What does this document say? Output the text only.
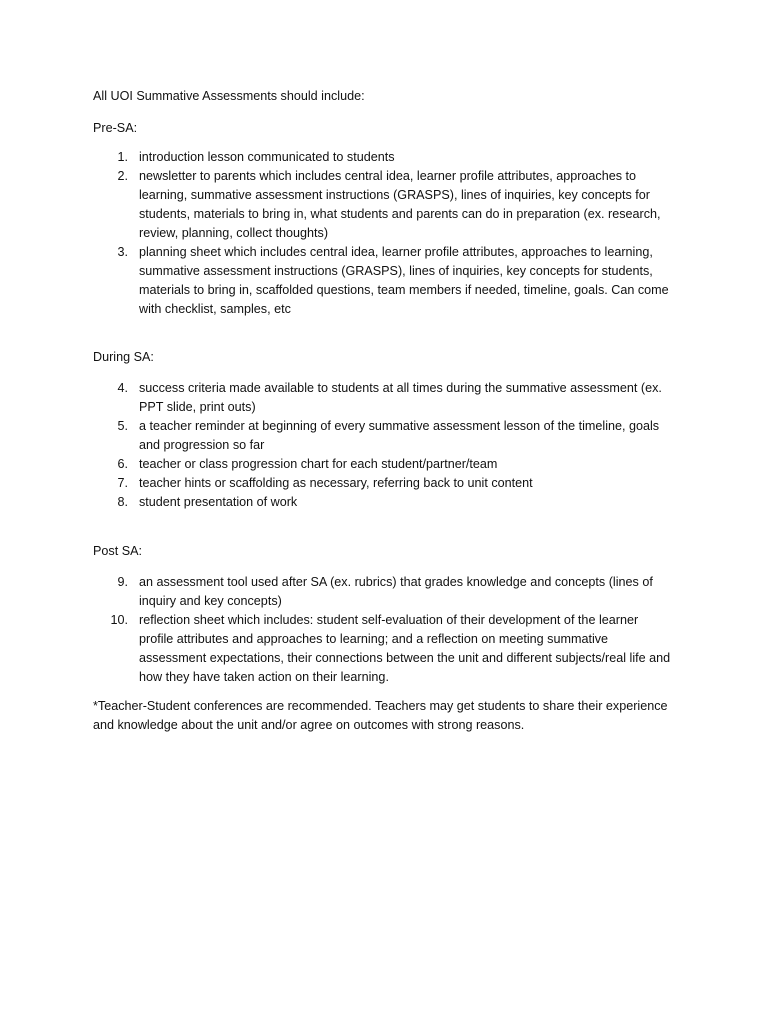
All UOI Summative Assessments should include:

Pre-SA:

1. introduction lesson communicated to students
2. newsletter to parents which includes central idea, learner profile attributes, approaches to learning, summative assessment instructions (GRASPS), lines of inquiries, key concepts for students, materials to bring in, what students and parents can do in preparation (ex. research, review, planning, collect thoughts)
3. planning sheet which includes central idea, learner profile attributes, approaches to learning, summative assessment instructions (GRASPS), lines of inquiries, key concepts for students, materials to bring in, scaffolded questions, team members if needed, timeline, goals. Can come with checklist, samples, etc

During SA:

4. success criteria made available to students at all times during the summative assessment (ex. PPT slide, print outs)
5. a teacher reminder at beginning of every summative assessment lesson of the timeline, goals and progression so far
6. teacher or class progression chart for each student/partner/team
7. teacher hints or scaffolding as necessary, referring back to unit content
8. student presentation of work

Post SA:

9. an assessment tool used after SA (ex. rubrics) that grades knowledge and concepts (lines of inquiry and key concepts)
10. reflection sheet which includes: student self-evaluation of their development of the learner profile attributes and approaches to learning; and a reflection on meeting summative assessment expectations, their connections between the unit and different subjects/real life and how they have taken action on their learning.

*Teacher-Student conferences are recommended. Teachers may get students to share their experience and knowledge about the unit and/or agree on outcomes with strong reasons.
